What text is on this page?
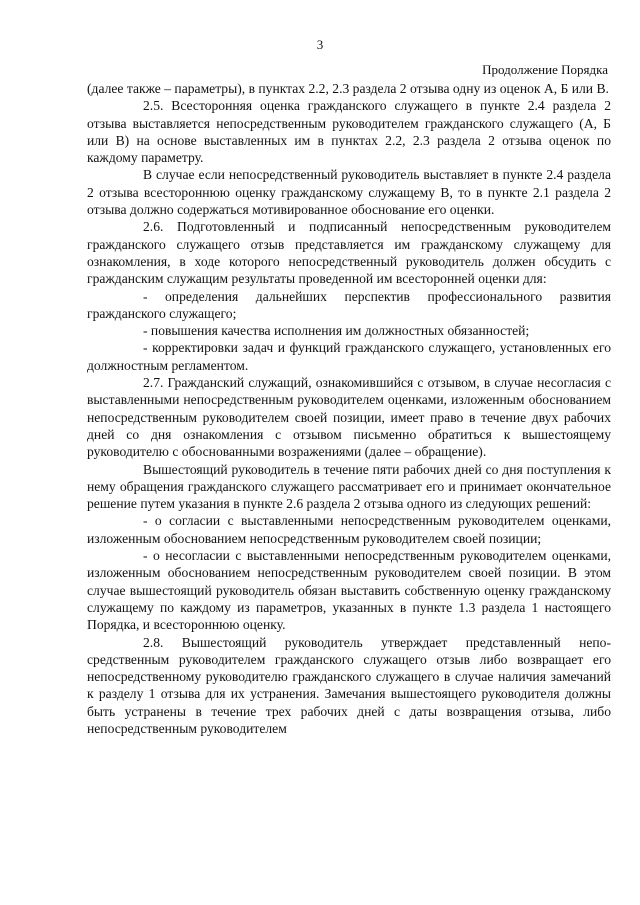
3
Продолжение Порядка

(далее также – параметры), в пунктах 2.2, 2.3 раздела 2 отзыва одну из оценок А, Б или В.

2.5. Всесторонняя оценка гражданского служащего в пункте 2.4 раздела 2 отзыва выставляется непосредственным руководителем гражданского служащего (А, Б или В) на основе выставленных им в пунктах 2.2, 2.3 раздела 2 отзыва оценок по каждому параметру.

В случае если непосредственный руководитель выставляет в пункте 2.4 раздела 2 отзыва всестороннюю оценку гражданскому служащему В, то в пункте 2.1 раздела 2 отзыва должно содержаться мотивированное обоснование его оценки.

2.6. Подготовленный и подписанный непосредственным руководителем гражданского служащего отзыв представляется им гражданскому служащему для ознакомления, в ходе которого непосредственный руководитель должен обсудить с гражданским служащим результаты проведенной им всесторонней оценки для:

- определения дальнейших перспектив профессионального развития гражданского служащего;

- повышения качества исполнения им должностных обязанностей;

- корректировки задач и функций гражданского служащего, установленных его должностным регламентом.

2.7. Гражданский служащий, ознакомившийся с отзывом, в случае несогласия с выставленными непосредственным руководителем оценками, изложенным обоснованием непосредственным руководителем своей позиции, имеет право в течение двух рабочих дней со дня ознакомления с отзывом письменно обратиться к вышестоящему руководителю с обоснованными возражениями (далее – обращение).

Вышестоящий руководитель в течение пяти рабочих дней со дня поступления к нему обращения гражданского служащего рассматривает его и принимает окончательное решение путем указания в пункте 2.6 раздела 2 отзыва одного из следующих решений:

- о согласии с выставленными непосредственным руководителем оценками, изложенным обоснованием непосредственным руководителем своей позиции;

- о несогласии с выставленными непосредственным руководителем оценками, изложенным обоснованием непосредственным руководителем своей позиции. В этом случае вышестоящий руководитель обязан выставить собственную оценку гражданскому служащему по каждому из параметров, указанных в пункте 1.3 раздела 1 настоящего Порядка, и всестороннюю оценку.

2.8. Вышестоящий руководитель утверждает представленный непосредственным руководителем гражданского служащего отзыв либо возвращает его непосредственному руководителю гражданского служащего в случае наличия замечаний к разделу 1 отзыва для их устранения. Замечания вышестоящего руководителя должны быть устранены в течение трех рабочих дней с даты возвращения отзыва, либо непосредственным руководителем
